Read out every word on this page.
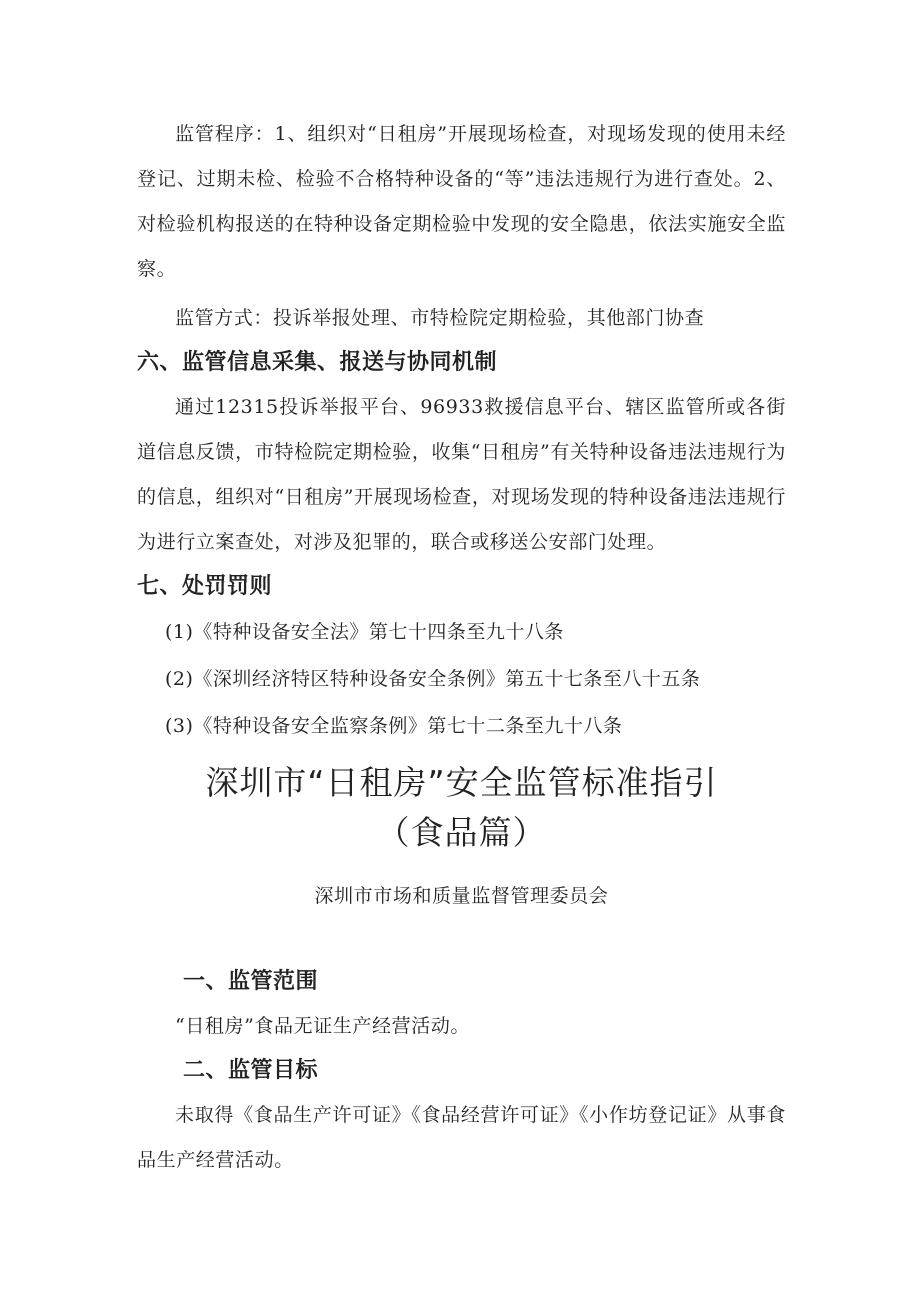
监管程序：1、组织对“日租房”开展现场检查，对现场发现的使用未经登记、过期未检、检验不合格特种设备的“等”违法违规行为进行查处。2、对检验机构报送的在特种设备定期检验中发现的安全隐患，依法实施安全监察。

监管方式：投诉举报处理、市特检院定期检验，其他部门协查

六、监管信息采集、报送与协同机制

通过12315投诉举报平台、96933救援信息平台、辖区监管所或各街道信息反馈，市特检院定期检验，收集“日租房”有关特种设备违法违规行为的信息，组织对“日租房”开展现场检查，对现场发现的特种设备违法违规行为进行立案查处，对涉及犯罪的，联合或移送公安部门处理。

七、处罚罚则

(1)《特种设备安全法》第七十四条至九十八条

(2)《深圳经济特区特种设备安全条例》第五十七条至八十五条

(3)《特种设备安全监察条例》第七十二条至九十八条

深圳市“日租房”安全监管标准指引
（食品篇）
深圳市市场和质量监督管理委员会
一、监管范围

“日租房”食品无证生产经营活动。

二、监管目标

未取得《食品生产许可证》《食品经营许可证》《小作坊登记证》从事食品生产经营活动。
